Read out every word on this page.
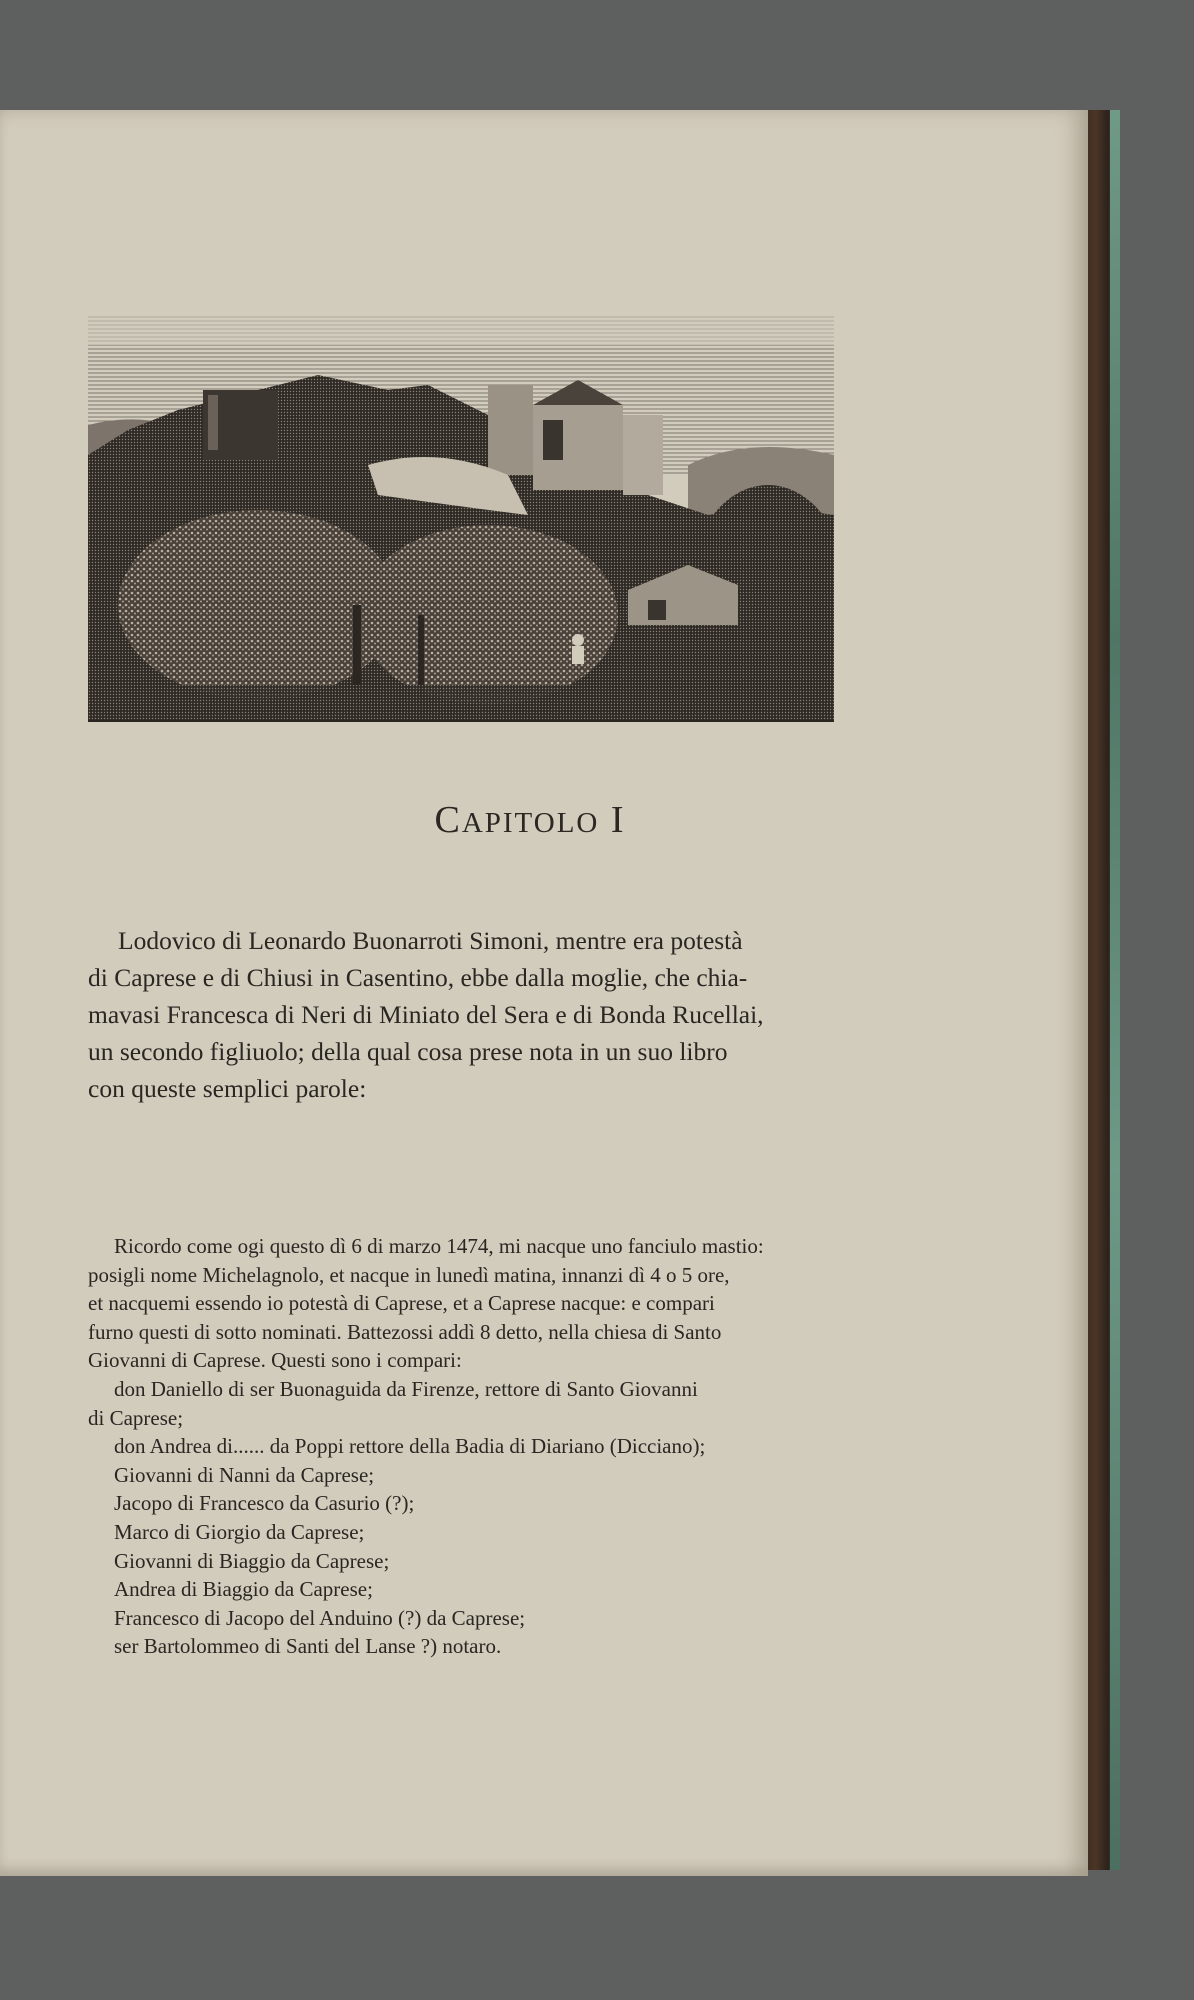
CAPITOLO I
Lodovico di Leonardo Buonarroti Simoni, mentre era potestà
di Caprese e di Chiusi in Casentino, ebbe dalla moglie, che chia-
mavasi Francesca di Neri di Miniato del Sera e di Bonda Rucellai,
un secondo figliuolo; della qual cosa prese nota in un suo libro
con queste semplici parole:
Ricordo come ogi questo dì 6 di marzo 1474, mi nacque uno fanciulo mastio:
posigli nome Michelagnolo, et nacque in lunedì matina, innanzi dì 4 o 5 ore,
et nacquemi essendo io potestà di Caprese, et a Caprese nacque: e compari
furno questi di sotto nominati. Battezossi addì 8 detto, nella chiesa di Santo
Giovanni di Caprese. Questi sono i compari:
don Daniello di ser Buonaguida da Firenze, rettore di Santo Giovanni
di Caprese;
don Andrea di...... da Poppi rettore della Badia di Diariano (Dicciano);
Giovanni di Nanni da Caprese;
Jacopo di Francesco da Casurio (?);
Marco di Giorgio da Caprese;
Giovanni di Biaggio da Caprese;
Andrea di Biaggio da Caprese;
Francesco di Jacopo del Anduino (?) da Caprese;
ser Bartolommeo di Santi del Lanse ?) notaro.
